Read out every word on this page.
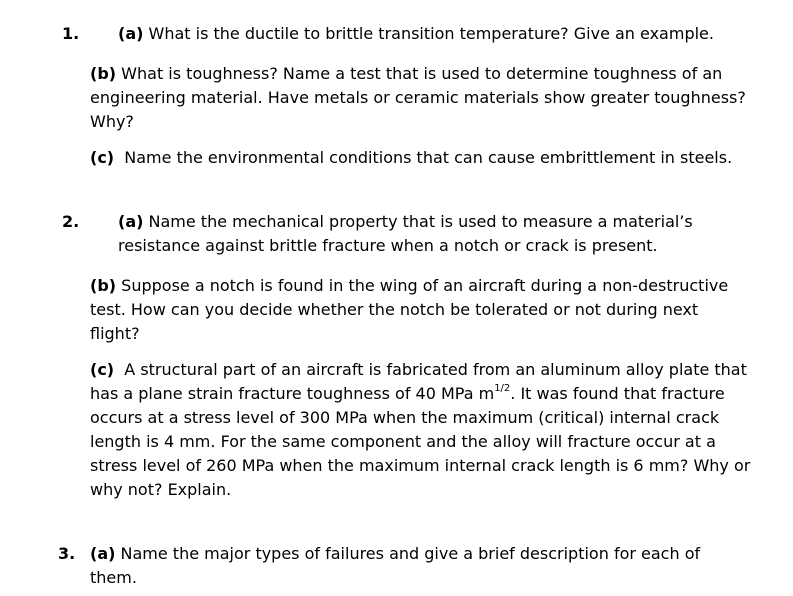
1. (a) What is the ductile to brittle transition temperature? Give an example.
(b) What is toughness? Name a test that is used to determine toughness of an engineering material. Have metals or ceramic materials show greater toughness? Why?
(c) Name the environmental conditions that can cause embrittlement in steels.
2. (a) Name the mechanical property that is used to measure a material’s resistance against brittle fracture when a notch or crack is present.
(b) Suppose a notch is found in the wing of an aircraft during a non-destructive test. How can you decide whether the notch be tolerated or not during next flight?
(c) A structural part of an aircraft is fabricated from an aluminum alloy plate that has a plane strain fracture toughness of 40 MPa $m^{1/2}$. It was found that fracture occurs at a stress level of 300 MPa when the maximum (critical) internal crack length is 4 mm. For the same component and the alloy will fracture occur at a stress level of 260 MPa when the maximum internal crack length is 6 mm? Why or why not? Explain.
3. (a) Name the major types of failures and give a brief description for each of them.
